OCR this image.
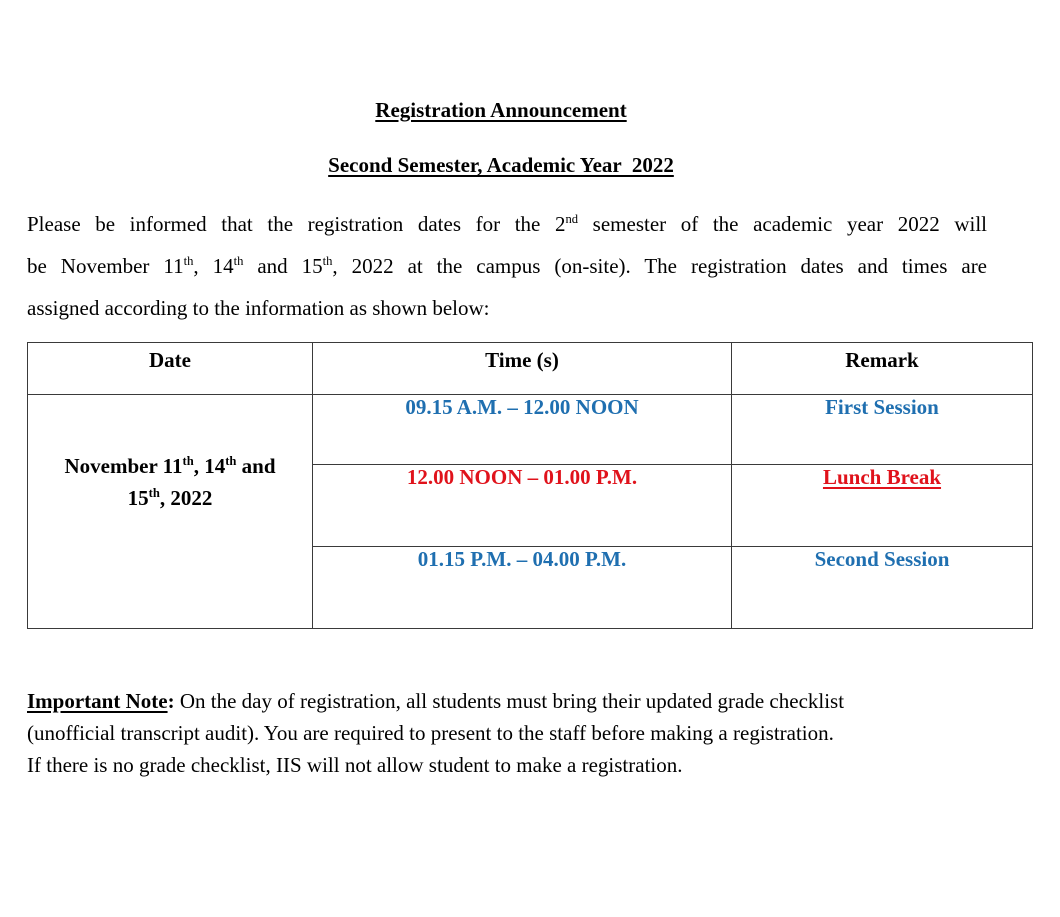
Registration Announcement
Second Semester, Academic Year  2022
Please be informed that the registration dates for the 2nd semester of the academic year 2022 will
be November 11th, 14th and 15th, 2022 at the campus (on-site). The registration dates and times are
assigned according to the information as shown below:
Date	Time (s)	Remark
November 11th, 14th and
15th, 2022	09.15 A.M. – 12.00 NOON	First Session
	12.00 NOON – 01.00 P.M.	Lunch Break
	01.15 P.M. – 04.00 P.M.	Second Session
Important Note: On the day of registration, all students must bring their updated grade checklist
(unofficial transcript audit). You are required to present to the staff before making a registration.
If there is no grade checklist, IIS will not allow student to make a registration.
